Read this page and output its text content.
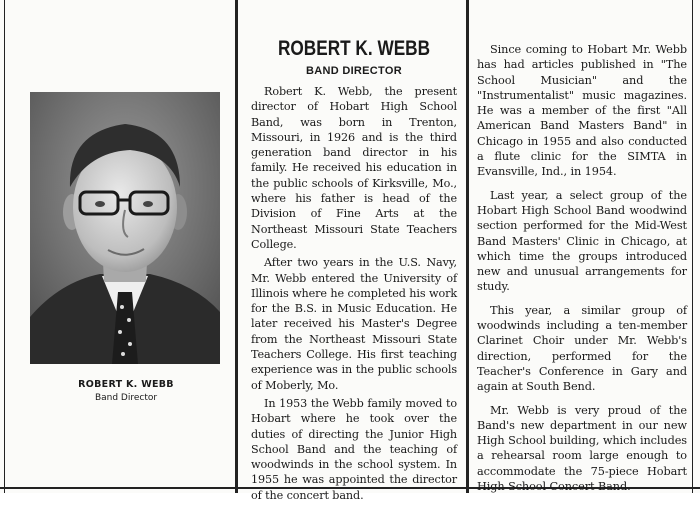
ROBERT K. WEBB
Band Director
ROBERT K. WEBB
BAND DIRECTOR

Robert K. Webb, the present director of Hobart High School Band, was born in Trenton, Missouri, in 1926 and is the third generation band director in his family. He received his education in the public schools of Kirksville, Mo., where his father is head of the Division of Fine Arts at the Northeast Missouri State Teachers College.

After two years in the U.S. Navy, Mr. Webb entered the University of Illinois where he completed his work for the B.S. in Music Education. He later received his Master's Degree from the Northeast Missouri State Teachers College. His first teaching experience was in the public schools of Moberly, Mo.

In 1953 the Webb family moved to Hobart where he took over the duties of directing the Junior High School Band and the teaching of woodwinds in the school system. In 1955 he was appointed the director of the concert band.

Since coming to Hobart Mr. Webb has had articles published in "The School Musician" and the "Instrumentalist" music magazines. He was a member of the first "All American Band Masters Band" in Chicago in 1955 and also conducted a flute clinic for the SIMTA in Evansville, Ind., in 1954.

Last year, a select group of the Hobart High School Band woodwind section performed for the Mid-West Band Masters' Clinic in Chicago, at which time the groups introduced new and unusual arrangements for study.

This year, a similar group of woodwinds including a ten-member Clarinet Choir under Mr. Webb's direction, performed for the Teacher's Conference in Gary and again at South Bend.

Mr. Webb is very proud of the Band's new department in our new High School building, which includes a rehearsal room large enough to accommodate the 75-piece Hobart High School Concert Band.
